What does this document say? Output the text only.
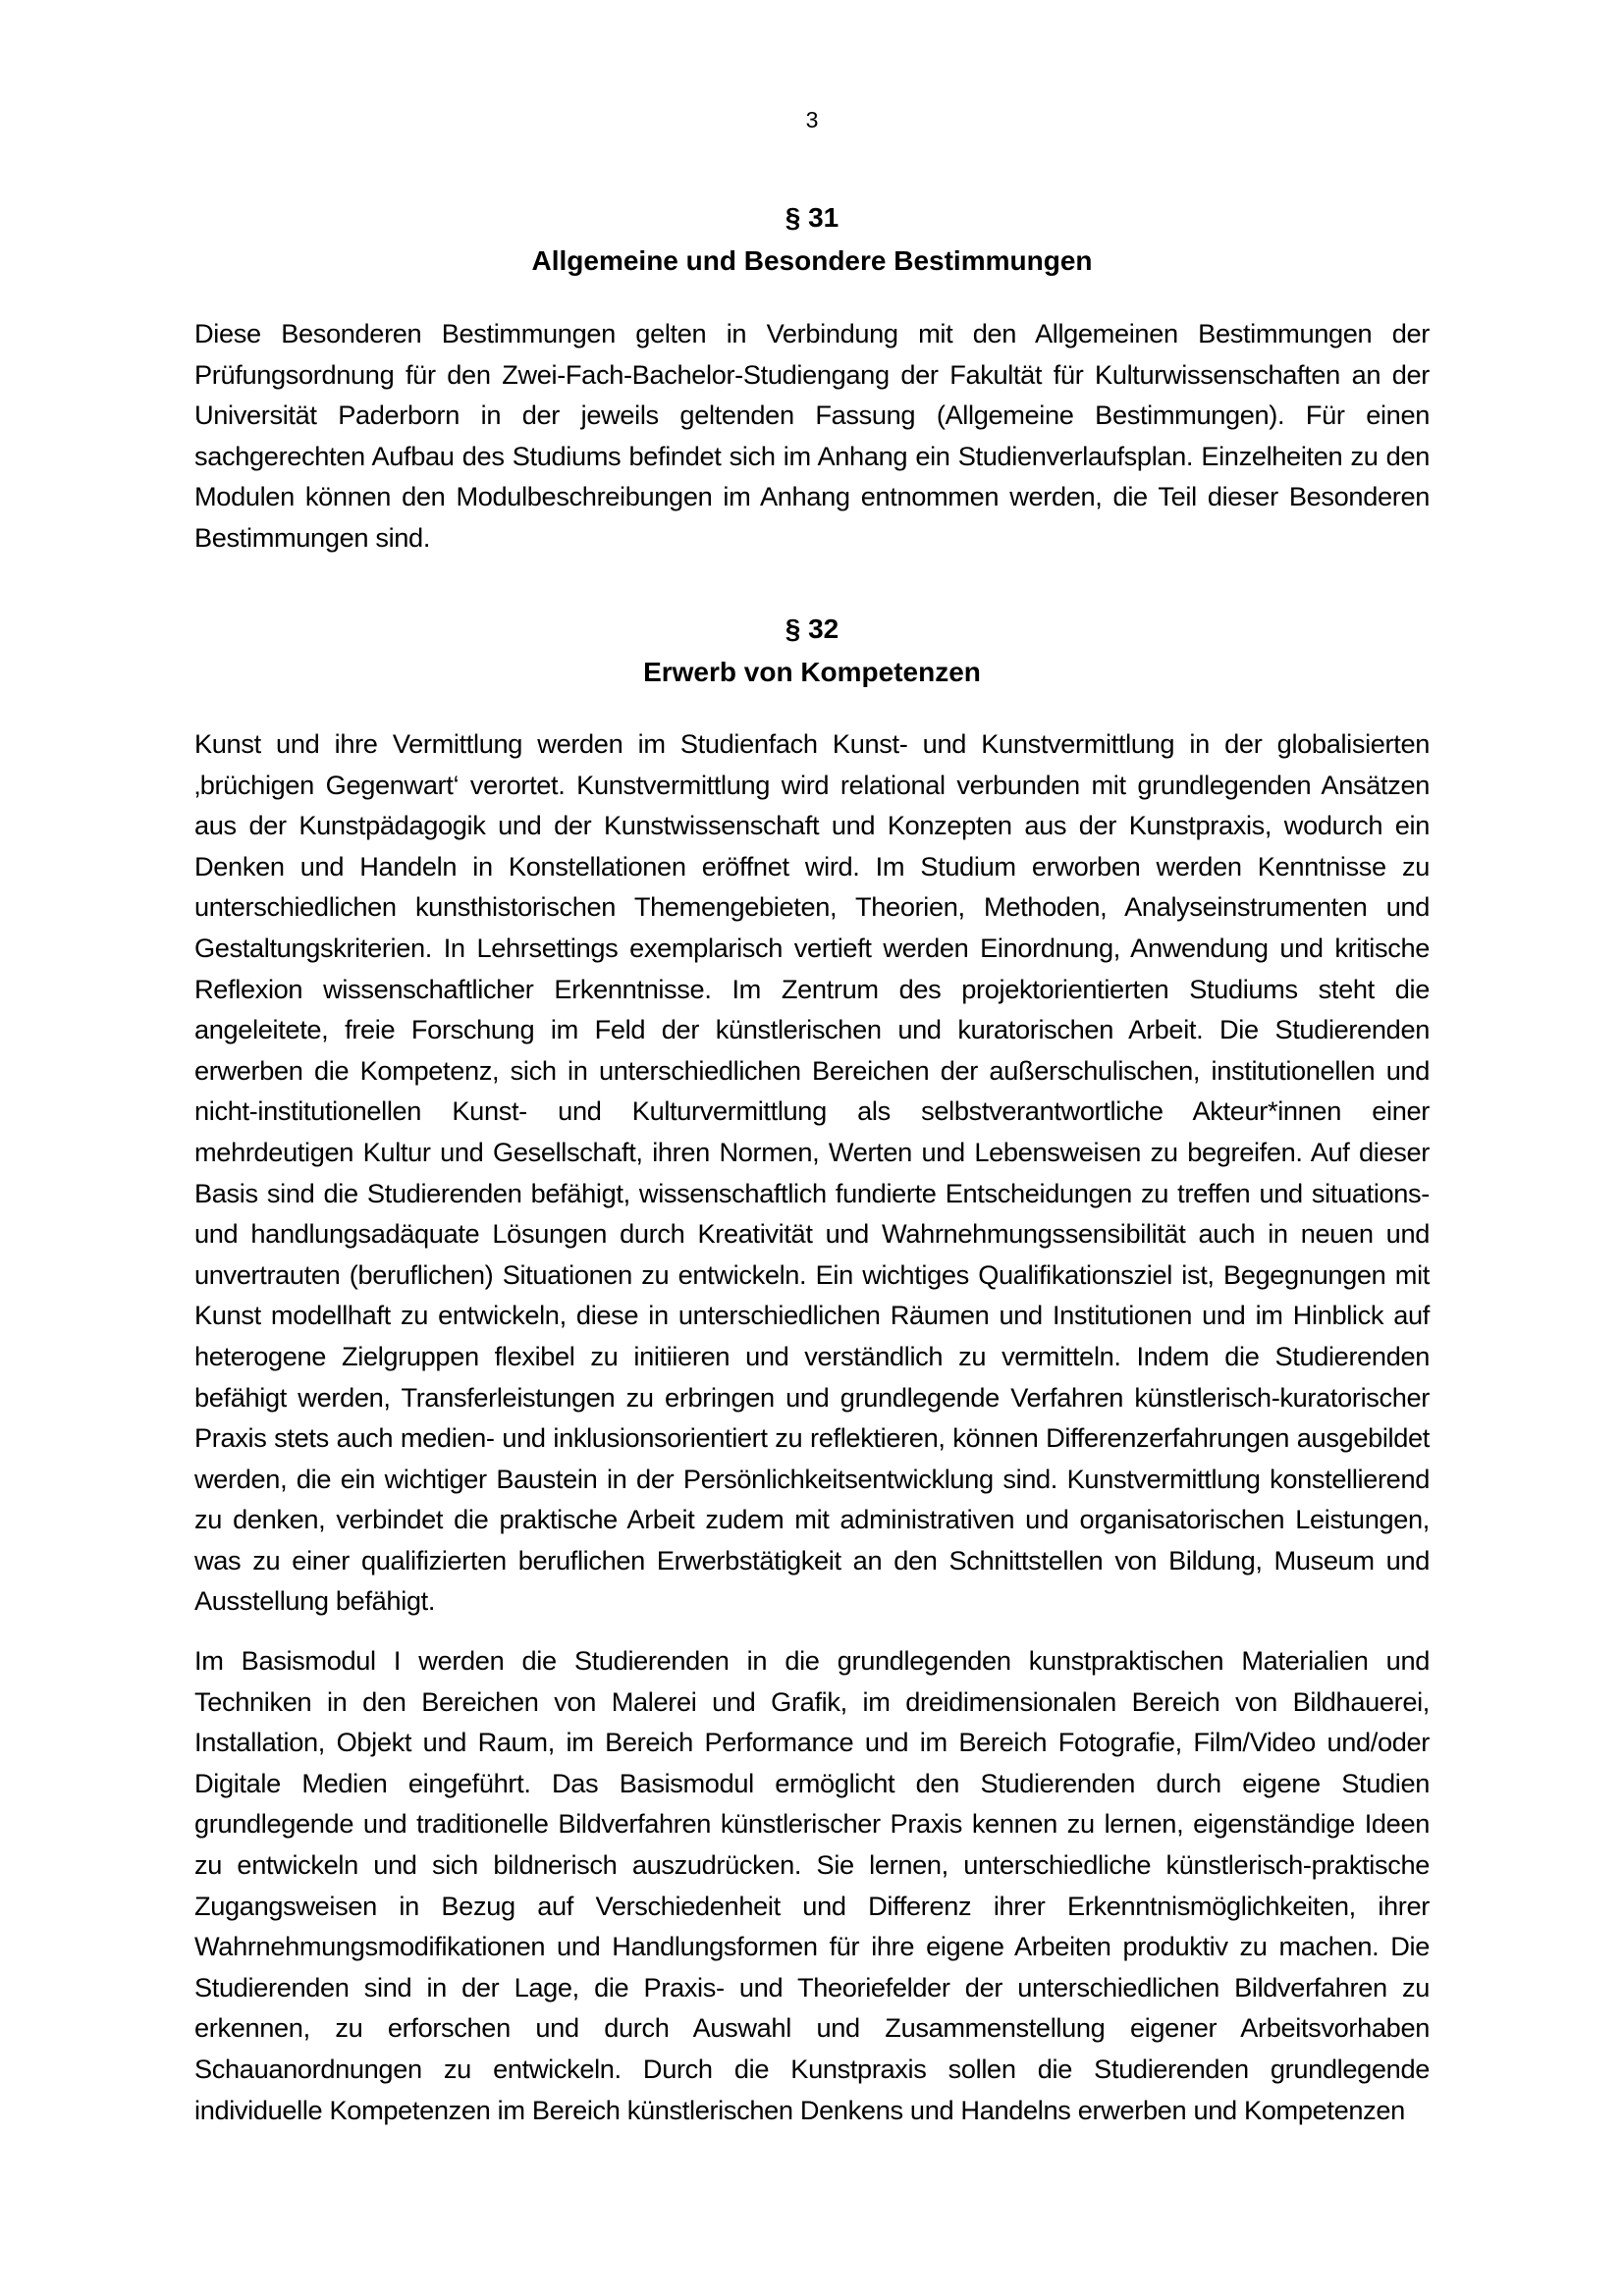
3
§ 31
Allgemeine und Besondere Bestimmungen

Diese Besonderen Bestimmungen gelten in Verbindung mit den Allgemeinen Bestimmungen der Prüfungsordnung für den Zwei-Fach-Bachelor-Studiengang der Fakultät für Kulturwissenschaften an der Universität Paderborn in der jeweils geltenden Fassung (Allgemeine Bestimmungen). Für einen sachgerechten Aufbau des Studiums befindet sich im Anhang ein Studienverlaufsplan. Einzelheiten zu den Modulen können den Modulbeschreibungen im Anhang entnommen werden, die Teil dieser Besonderen Bestimmungen sind.

§ 32
Erwerb von Kompetenzen

Kunst und ihre Vermittlung werden im Studienfach Kunst- und Kunstvermittlung in der globalisierten ‚brüchigen Gegenwart‘ verortet. Kunstvermittlung wird relational verbunden mit grundlegenden Ansätzen aus der Kunstpädagogik und der Kunstwissenschaft und Konzepten aus der Kunstpraxis, wodurch ein Denken und Handeln in Konstellationen eröffnet wird. Im Studium erworben werden Kenntnisse zu unterschiedlichen kunsthistorischen Themengebieten, Theorien, Methoden, Analyseinstrumenten und Gestaltungskriterien. In Lehrsettings exemplarisch vertieft werden Einordnung, Anwendung und kritische Reflexion wissenschaftlicher Erkenntnisse. Im Zentrum des projektorientierten Studiums steht die angeleitete, freie Forschung im Feld der künstlerischen und kuratorischen Arbeit. Die Studierenden erwerben die Kompetenz, sich in unterschiedlichen Bereichen der außerschulischen, institutionellen und nicht-institutionellen Kunst- und Kulturvermittlung als selbstverantwortliche Akteur*innen einer mehrdeutigen Kultur und Gesellschaft, ihren Normen, Werten und Lebensweisen zu begreifen. Auf dieser Basis sind die Studierenden befähigt, wissenschaftlich fundierte Entscheidungen zu treffen und situations- und handlungsadäquate Lösungen durch Kreativität und Wahrnehmungssensibilität auch in neuen und unvertrauten (beruflichen) Situationen zu entwickeln. Ein wichtiges Qualifikationsziel ist, Begegnungen mit Kunst modellhaft zu entwickeln, diese in unterschiedlichen Räumen und Institutionen und im Hinblick auf heterogene Zielgruppen flexibel zu initiieren und verständlich zu vermitteln. Indem die Studierenden befähigt werden, Transferleistungen zu erbringen und grundlegende Verfahren künstlerisch-kuratorischer Praxis stets auch medien- und inklusionsorientiert zu reflektieren, können Differenzerfahrungen ausgebildet werden, die ein wichtiger Baustein in der Persönlichkeitsentwicklung sind. Kunstvermittlung konstellierend zu denken, verbindet die praktische Arbeit zudem mit administrativen und organisatorischen Leistungen, was zu einer qualifizierten beruflichen Erwerbstätigkeit an den Schnittstellen von Bildung, Museum und Ausstellung befähigt.

Im Basismodul I werden die Studierenden in die grundlegenden kunstpraktischen Materialien und Techniken in den Bereichen von Malerei und Grafik, im dreidimensionalen Bereich von Bildhauerei, Installation, Objekt und Raum, im Bereich Performance und im Bereich Fotografie, Film/Video und/oder Digitale Medien eingeführt. Das Basismodul ermöglicht den Studierenden durch eigene Studien grundlegende und traditionelle Bildverfahren künstlerischer Praxis kennen zu lernen, eigenständige Ideen zu entwickeln und sich bildnerisch auszudrücken. Sie lernen, unterschiedliche künstlerisch-praktische Zugangsweisen in Bezug auf Verschiedenheit und Differenz ihrer Erkenntnismöglichkeiten, ihrer Wahrnehmungsmodifikationen und Handlungsformen für ihre eigene Arbeiten produktiv zu machen. Die Studierenden sind in der Lage, die Praxis- und Theoriefelder der unterschiedlichen Bildverfahren zu erkennen, zu erforschen und durch Auswahl und Zusammenstellung eigener Arbeitsvorhaben Schauanordnungen zu entwickeln. Durch die Kunstpraxis sollen die Studierenden grundlegende individuelle Kompetenzen im Bereich künstlerischen Denkens und Handelns erwerben und Kompetenzen
